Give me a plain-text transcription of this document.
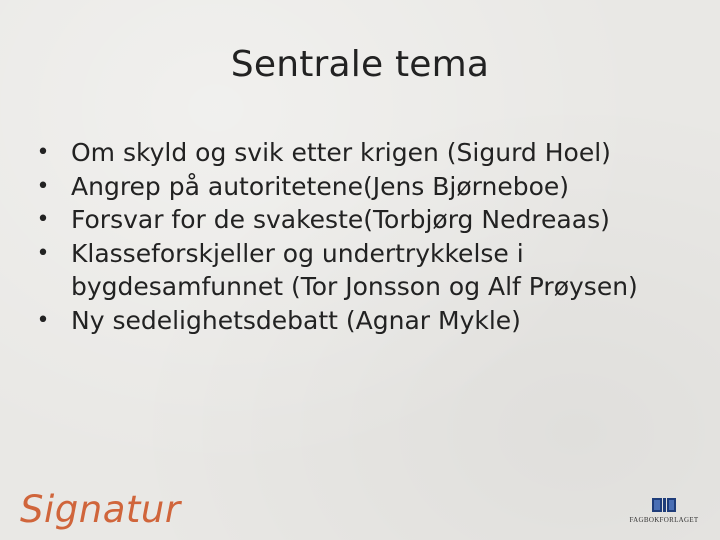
Sentrale tema
• Om skyld og svik etter krigen (Sigurd Hoel)
• Angrep på autoritetene(Jens Bjørneboe)
• Forsvar for de svakeste(Torbjørg Nedreaas)
• Klasseforskjeller og undertrykkelse i bygdesamfunnet (Tor Jonsson og Alf Prøysen)
• Ny sedelighetsdebatt (Agnar Mykle)
Signatur	FAGBOKFORLAGET
